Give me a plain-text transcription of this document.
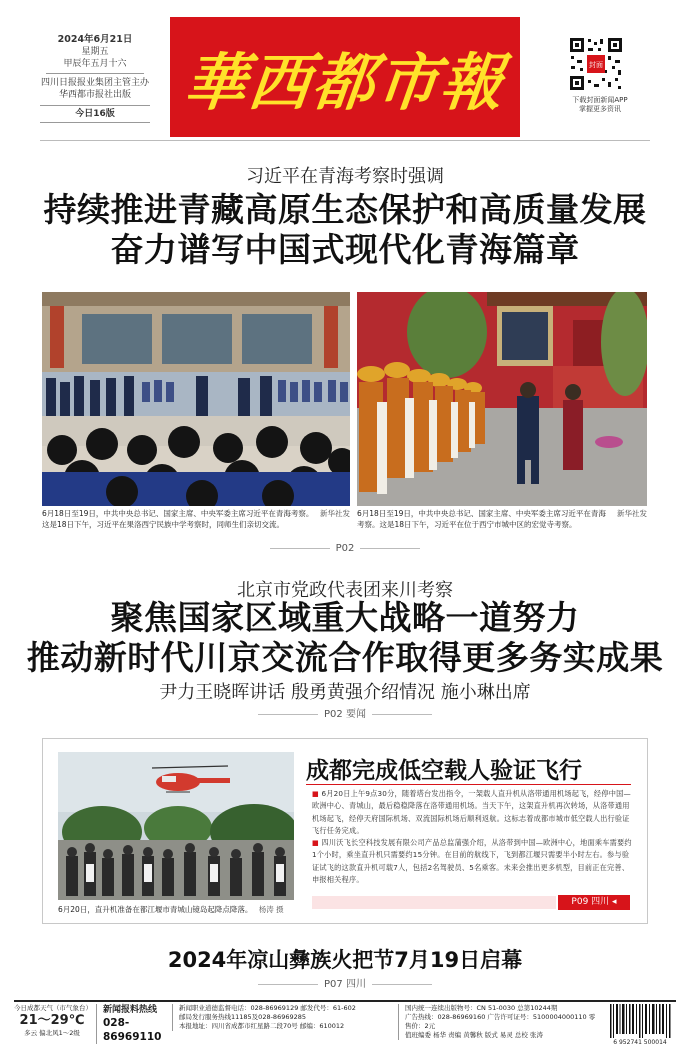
2024年6月21日
星期五
甲辰年五月十六
四川日报报业集团主管主办
华西都市报社出版
今日16版	華西都市報	封面
下载封面新闻APP
掌握更多资讯
习近平在青海考察时强调
持续推进青藏高原生态保护和高质量发展
奋力谱写中国式现代化青海篇章
新华社发
6月18日至19日，中共中央总书记、国家主席、中央军委主席习近平在青海考察。这是18日下午，习近平在果洛西宁民族中学考察时，同师生们亲切交流。
新华社发
6月18日至19日，中共中央总书记、国家主席、中央军委主席习近平在青海考察。这是18日下午，习近平在位于西宁市城中区的宏觉寺考察。
P02
北京市党政代表团来川考察
聚焦国家区域重大战略一道努力
推动新时代川京交流合作取得更多务实成果
尹力王晓晖讲话 殷勇黄强介绍情况 施小琳出席
P02 要闻
6月20日，直升机准备在都江堰市青城山镜岛起降点降落。 杨涛 摄
成都完成低空载人验证飞行

■ 6月20日上午9点30分，随着塔台发出指令，一架载人直升机从洛带通用机场起飞，经停中国—欧洲中心、青城山，最后稳稳降落在洛带通用机场。当天下午，这架直升机再次转场，从洛带通用机场起飞，经停天府国际机场、双流国际机场后顺利返航。这标志着成都市城市低空载人出行验证飞行任务完成。

■ 四川沃飞长空科技发展有限公司产品总监蒲强介绍，从洛带到中国—欧洲中心，地面乘车需要约1个小时，乘坐直升机只需要约15分钟。在目前的航线下，飞到都江堰只需要半小时左右。参与验证试飞的这款直升机可载7人，包括2名驾驶员、5名乘客。未来会推出更多机型，目前正在完善、申报相关程序。

P09 四川 ◂
2024年凉山彝族火把节7月19日启幕
P07 四川
今日成都天气（市气象台）
21～29℃
多云 偏北风1～2级
新闻报料热线
028-86969110
新闻职业道德监督电话：028-86969129 邮发代号：61-602
邮局发行服务热线11185及028-86969285
本报地址：四川省成都市红星路二段70号 邮编：610012
国内统一连续出版物号：CN 51-0030 总第10244期
广告热线：028-86969160 广告许可证号：5100004000110 零售价：2元
值班编委 杨华 责编 黄馨秋 版式 易灵 总校 张涛
6 952741 500014
